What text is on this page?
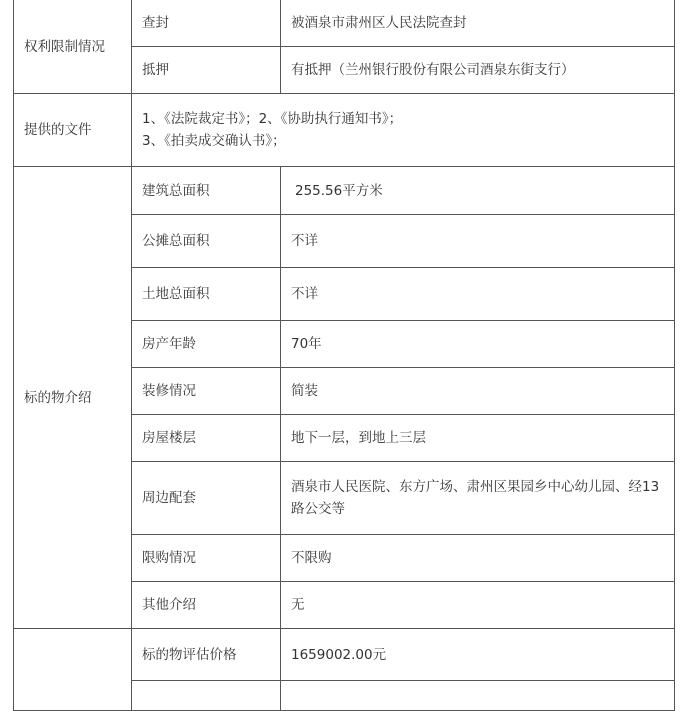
权利限制情况	查封	被酒泉市肃州区人民法院查封
	抵押	有抵押（兰州银行股份有限公司酒泉东街支行）
提供的文件	1、《法院裁定书》；2、《协助执行通知书》；
3、《拍卖成交确认书》；	

标的物介绍	建筑总面积	255.56平方米
	公摊总面积	不详
	土地总面积	不详
	房产年龄	70年
	装修情况	简装
	房屋楼层	地下一层，到地上三层
	周边配套	酒泉市人民医院、东方广场、肃州区果园乡中心幼儿园、经13路公交等
	限购情况	不限购
	其他介绍	无
	标的物评估价格	1659002.00元
